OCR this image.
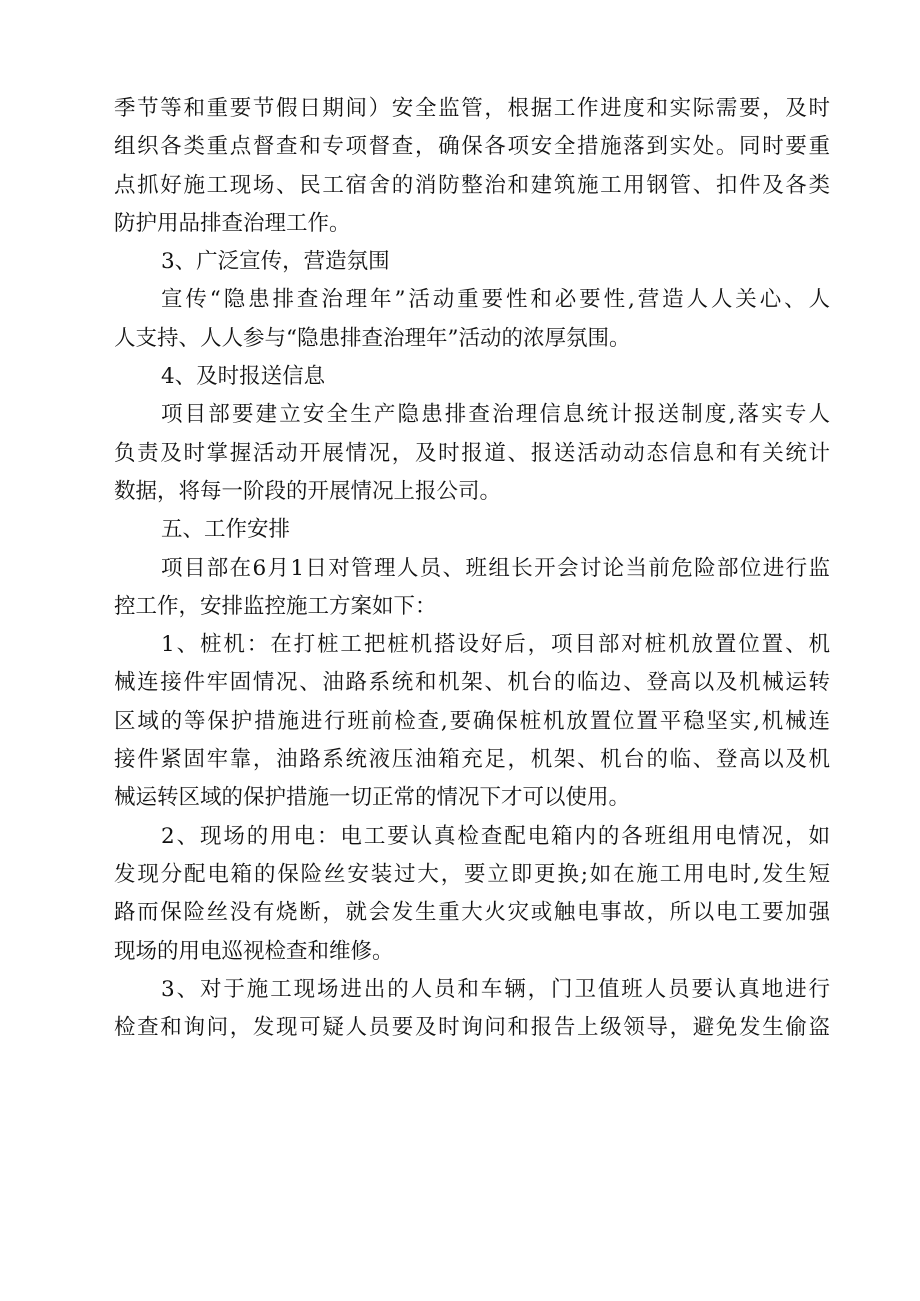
季节等和重要节假日期间）安全监管，根据工作进度和实际需要，及时
组织各类重点督查和专项督查，确保各项安全措施落到实处。同时要重
点抓好施工现场、民工宿舍的消防整治和建筑施工用钢管、扣件及各类
防护用品排查治理工作。
3、广泛宣传，营造氛围
宣传“隐患排查治理年”活动重要性和必要性,营造人人关心、人
人支持、人人参与“隐患排查治理年”活动的浓厚氛围。
4、及时报送信息
项目部要建立安全生产隐患排查治理信息统计报送制度,落实专人
负责及时掌握活动开展情况，及时报道、报送活动动态信息和有关统计
数据，将每一阶段的开展情况上报公司。
五、工作安排
项目部在6月1日对管理人员、班组长开会讨论当前危险部位进行监
控工作，安排监控施工方案如下：
1、桩机：在打桩工把桩机搭设好后，项目部对桩机放置位置、机
械连接件牢固情况、油路系统和机架、机台的临边、登高以及机械运转
区域的等保护措施进行班前检查,要确保桩机放置位置平稳坚实,机械连
接件紧固牢靠，油路系统液压油箱充足，机架、机台的临、登高以及机
械运转区域的保护措施一切正常的情况下才可以使用。
2、现场的用电：电工要认真检查配电箱内的各班组用电情况，如
发现分配电箱的保险丝安装过大，要立即更换;如在施工用电时,发生短
路而保险丝没有烧断，就会发生重大火灾或触电事故，所以电工要加强
现场的用电巡视检查和维修。
3、对于施工现场进出的人员和车辆，门卫值班人员要认真地进行
检查和询问，发现可疑人员要及时询问和报告上级领导，避免发生偷盗
